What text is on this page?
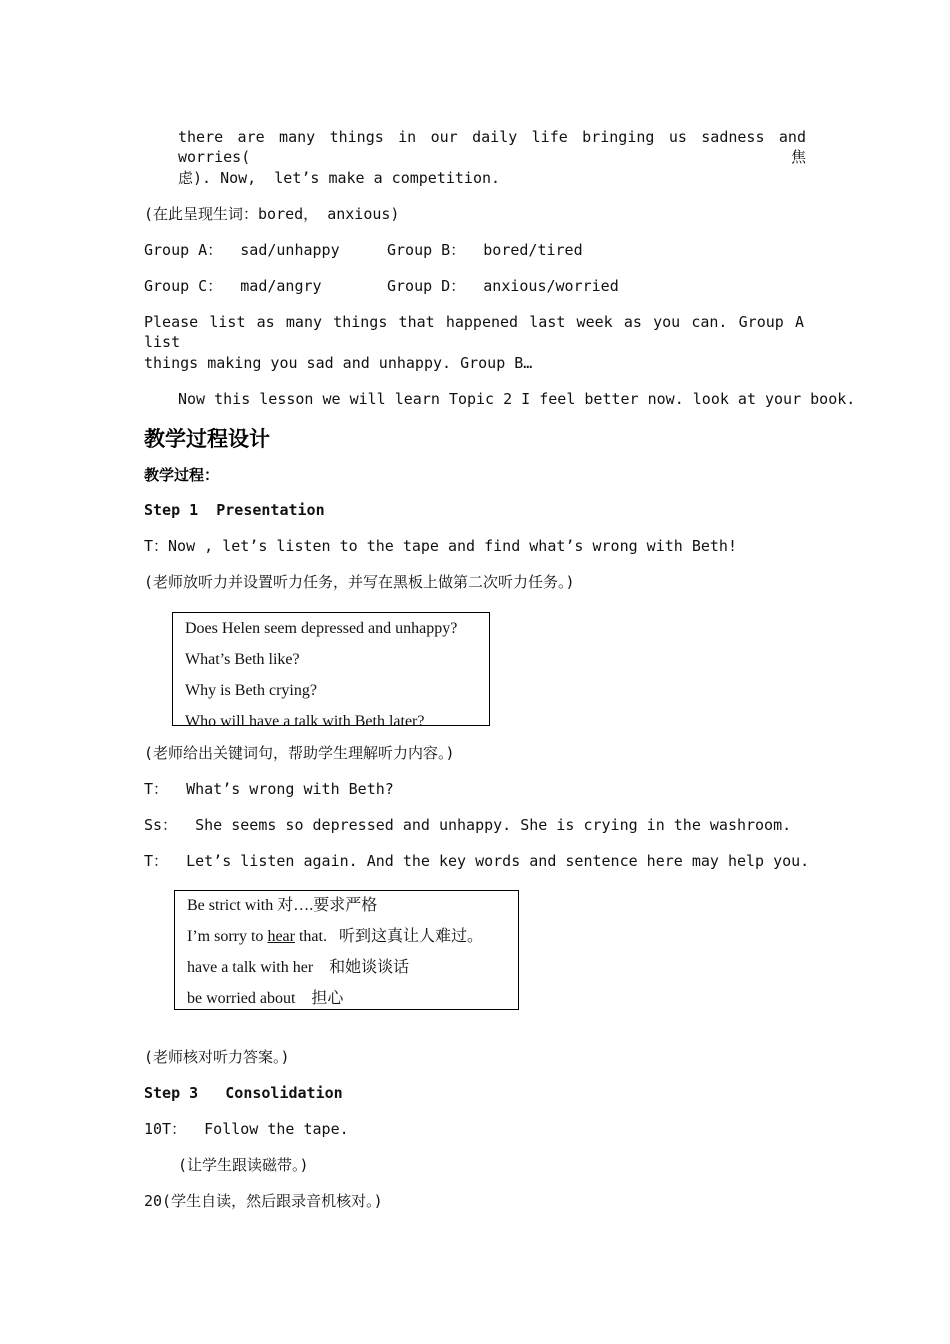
there are many things in our daily life bringing us sadness and worries(焦
虑). Now,  let’s make a competition.
(在此呈现生词：bored， anxious)
Group A：  sad/unhappy	Group B：  bored/tired
Group C：  mad/angry	Group D：  anxious/worried
Please list as many things that happened last week as you can. Group A list
things making you sad and unhappy. Group B…
Now this lesson we will learn Topic 2 I feel better now. look at your book.
教学过程设计
教学过程：
Step 1  Presentation
T：Now , let’s listen to the tape and find what’s wrong with Beth!
(老师放听力并设置听力任务，并写在黑板上做第二次听力任务。)
Does Helen seem depressed and unhappy?
What’s Beth like?
Why is Beth crying?
Who will have a talk with Beth later?
(老师给出关键词句，帮助学生理解听力内容。)
T：  What’s wrong with Beth?
Ss：  She seems so depressed and unhappy. She is crying in the washroom.
T：  Let’s listen again. And the key words and sentence here may help you.
Be strict with 对….要求严格
I’m sorry to hear that.   听到这真让人难过。
have a talk with her    和她谈谈话
be worried about    担心
(老师核对听力答案。)
Step 3   Consolidation
10T：  Follow the tape.
(让学生跟读磁带。)
20(学生自读，然后跟录音机核对。)
